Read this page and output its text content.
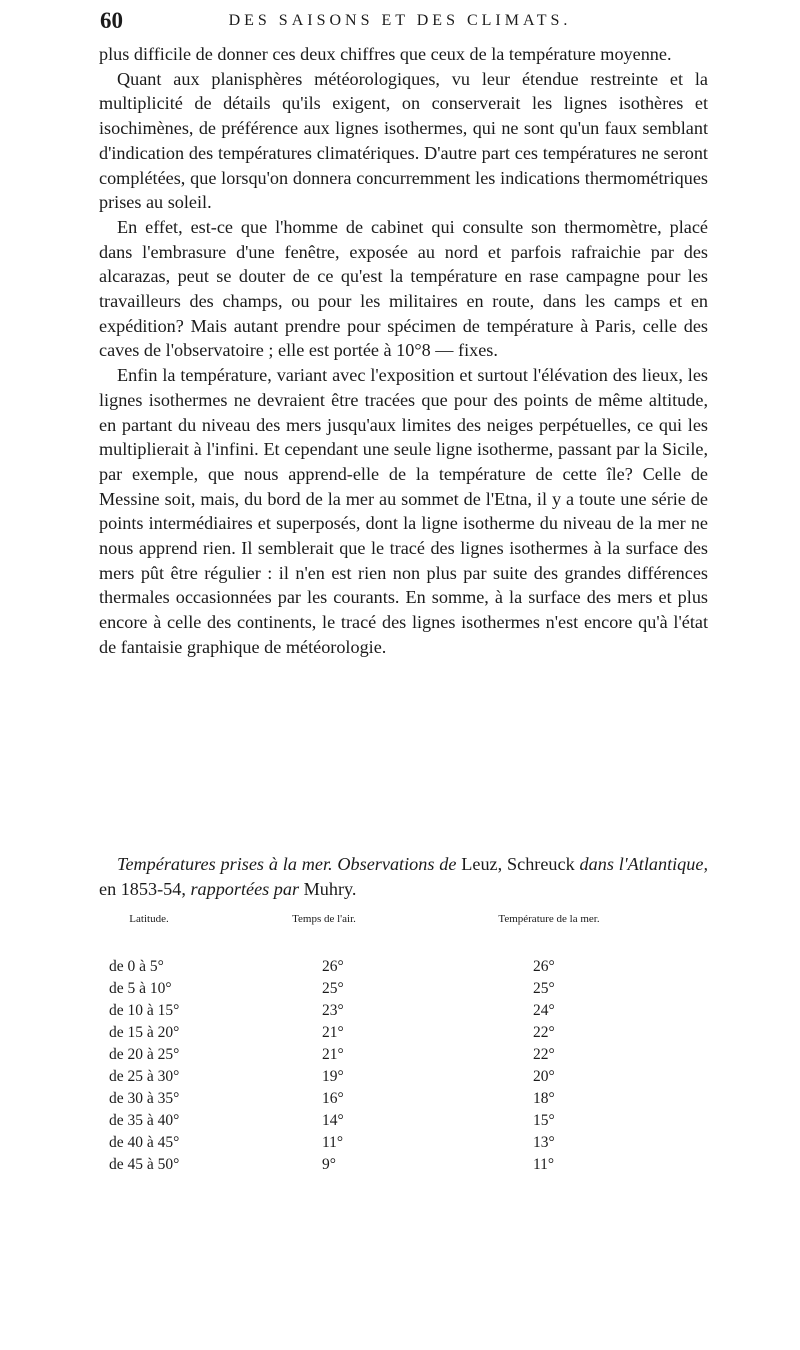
60	DES SAISONS ET DES CLIMATS.

plus difficile de donner ces deux chiffres que ceux de la température moyenne.

Quant aux planisphères météorologiques, vu leur étendue restreinte et la multiplicité de détails qu'ils exigent, on conserverait les lignes isothères et isochimènes, de préférence aux lignes isothermes, qui ne sont qu'un faux semblant d'indication des températures climatériques. D'autre part ces températures ne seront complétées, que lorsqu'on donnera concurremment les indications thermométriques prises au soleil.

En effet, est-ce que l'homme de cabinet qui consulte son thermomètre, placé dans l'embrasure d'une fenêtre, exposée au nord et parfois rafraichie par des alcarazas, peut se douter de ce qu'est la température en rase campagne pour les travailleurs des champs, ou pour les militaires en route, dans les camps et en expédition? Mais autant prendre pour spécimen de température à Paris, celle des caves de l'observatoire ; elle est portée à 10°8 — fixes.

Enfin la température, variant avec l'exposition et surtout l'élévation des lieux, les lignes isothermes ne devraient être tracées que pour des points de même altitude, en partant du niveau des mers jusqu'aux limites des neiges perpétuelles, ce qui les multiplierait à l'infini. Et cependant une seule ligne isotherme, passant par la Sicile, par exemple, que nous apprend-elle de la température de cette île? Celle de Messine soit, mais, du bord de la mer au sommet de l'Etna, il y a toute une série de points intermédiaires et superposés, dont la ligne isotherme du niveau de la mer ne nous apprend rien. Il semblerait que le tracé des lignes isothermes à la surface des mers pût être régulier : il n'en est rien non plus par suite des grandes différences thermales occasionnées par les courants. En somme, à la surface des mers et plus encore à celle des continents, le tracé des lignes isothermes n'est encore qu'à l'état de fantaisie graphique de météorologie.

Températures prises à la mer. Observations de Leuz, Schreuck dans l'Atlantique, en 1853-54, rapportées par Muhry.
Latitude.	Temps de l'air.	Température de la mer.
de 0 à 5°	26°	26°
de 5 à 10°	25°	25°
de 10 à 15°	23°	24°
de 15 à 20°	21°	22°
de 20 à 25°	21°	22°
de 25 à 30°	19°	20°
de 30 à 35°	16°	18°
de 35 à 40°	14°	15°
de 40 à 45°	11°	13°
de 45 à 50°	9°	11°
